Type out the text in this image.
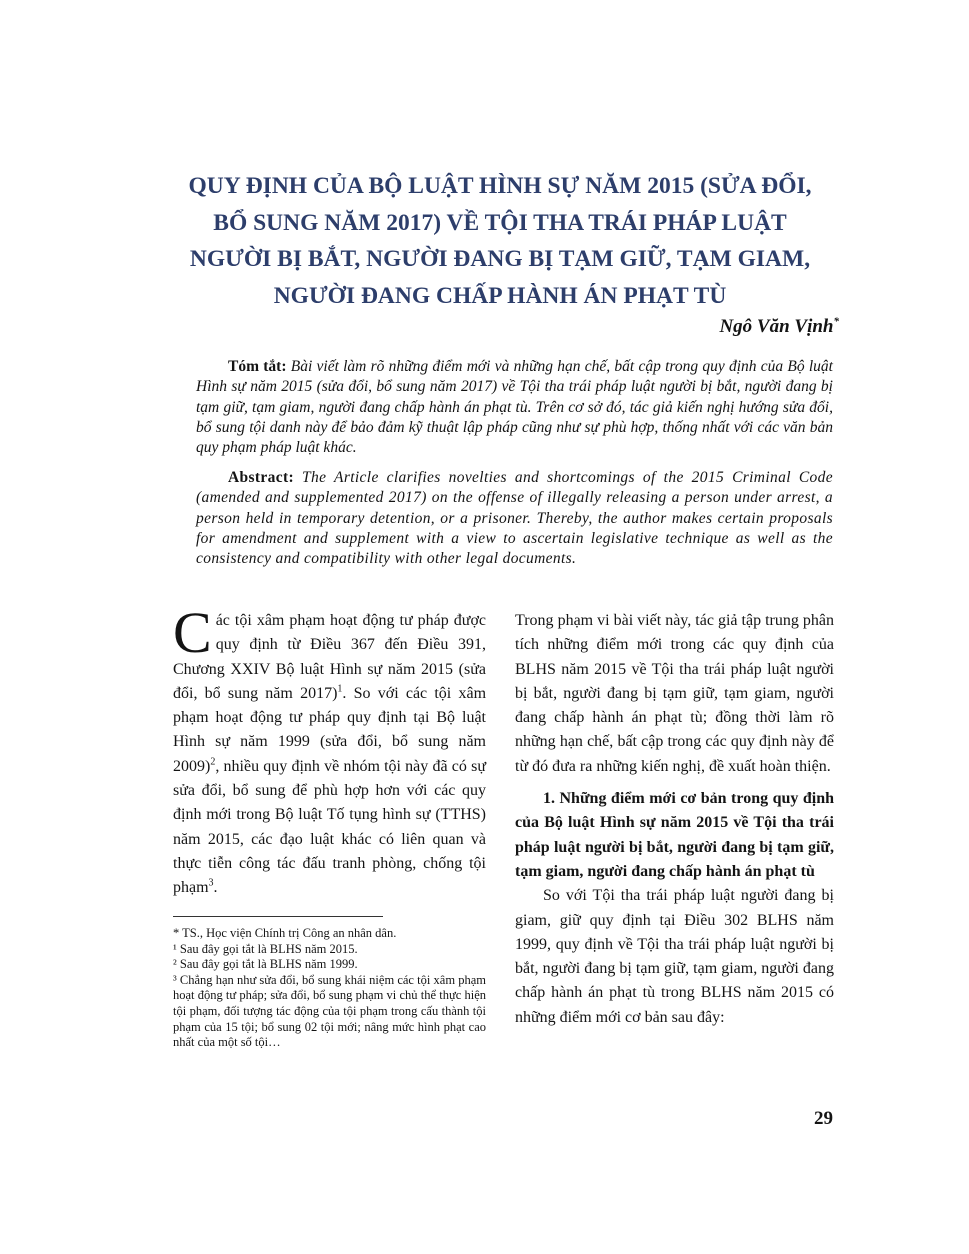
QUY ĐỊNH CỦA BỘ LUẬT HÌNH SỰ NĂM 2015 (SỬA ĐỔI,
BỔ SUNG NĂM 2017) VỀ TỘI THA TRÁI PHÁP LUẬT
NGƯỜI BỊ BẮT, NGƯỜI ĐANG BỊ TẠM GIỮ, TẠM GIAM,
NGƯỜI ĐANG CHẤP HÀNH ÁN PHẠT TÙ
Ngô Văn Vịnh*
Tóm tắt: Bài viết làm rõ những điểm mới và những hạn chế, bất cập trong quy định của Bộ luật Hình sự năm 2015 (sửa đổi, bổ sung năm 2017) về Tội tha trái pháp luật người bị bắt, người đang bị tạm giữ, tạm giam, người đang chấp hành án phạt tù. Trên cơ sở đó, tác giả kiến nghị hướng sửa đổi, bổ sung tội danh này để bảo đảm kỹ thuật lập pháp cũng như sự phù hợp, thống nhất với các văn bản quy phạm pháp luật khác.
Abstract: The Article clarifies novelties and shortcomings of the 2015 Criminal Code (amended and supplemented 2017) on the offense of illegally releasing a person under arrest, a person held in temporary detention, or a prisoner. Thereby, the author makes certain proposals for amendment and supplement with a view to ascertain legislative technique as well as the consistency and compatibility with other legal documents.

Các tội xâm phạm hoạt động tư pháp được quy định từ Điều 367 đến Điều 391, Chương XXIV Bộ luật Hình sự năm 2015 (sửa đổi, bổ sung năm 2017)$^1$. So với các tội xâm phạm hoạt động tư pháp quy định tại Bộ luật Hình sự năm 1999 (sửa đổi, bổ sung năm 2009)$^2$, nhiều quy định về nhóm tội này đã có sự sửa đổi, bổ sung để phù hợp hơn với các quy định mới trong Bộ luật Tố tụng hình sự (TTHS) năm 2015, các đạo luật khác có liên quan và thực tiễn công tác đấu tranh phòng, chống tội phạm$^3$.

Trong phạm vi bài viết này, tác giả tập trung phân tích những điểm mới trong các quy định của BLHS năm 2015 về Tội tha trái pháp luật người bị bắt, người đang bị tạm giữ, tạm giam, người đang chấp hành án phạt tù; đồng thời làm rõ những hạn chế, bất cập trong các quy định này để từ đó đưa ra những kiến nghị, đề xuất hoàn thiện.

1. Những điểm mới cơ bản trong quy định của Bộ luật Hình sự năm 2015 về Tội tha trái pháp luật người bị bắt, người đang bị tạm giữ, tạm giam, người đang chấp hành án phạt tù

So với Tội tha trái pháp luật người đang bị giam, giữ quy định tại Điều 302 BLHS năm 1999, quy định về Tội tha trái pháp luật người bị bắt, người đang bị tạm giữ, tạm giam, người đang chấp hành án phạt tù trong BLHS năm 2015 có những điểm mới cơ bản sau đây:

* TS., Học viện Chính trị Công an nhân dân.

¹ Sau đây gọi tắt là BLHS năm 2015.

² Sau đây gọi tắt là BLHS năm 1999.

³ Chẳng hạn như sửa đổi, bổ sung khái niệm các tội xâm phạm hoạt động tư pháp; sửa đổi, bổ sung phạm vi chủ thể thực hiện tội phạm, đối tượng tác động của tội phạm trong cấu thành tội phạm của 15 tội; bổ sung 02 tội mới; nâng mức hình phạt cao nhất của một số tội…

29
